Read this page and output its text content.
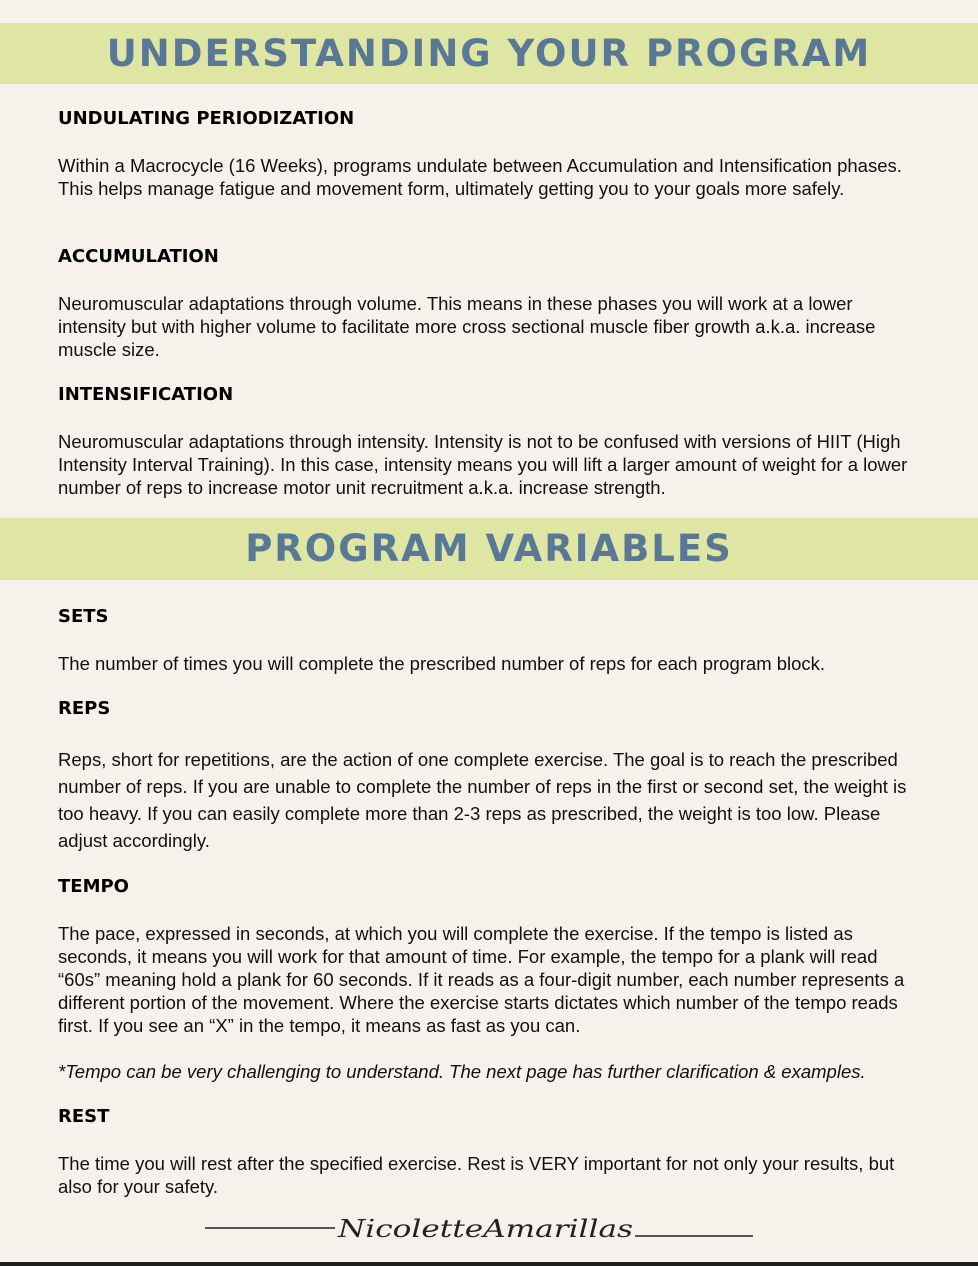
UNDERSTANDING YOUR PROGRAM
UNDULATING PERIODIZATION

Within a Macrocycle (16 Weeks), programs undulate between Accumulation and Intensification phases. This helps manage fatigue and movement form, ultimately getting you to your goals more safely.

ACCUMULATION

Neuromuscular adaptations through volume. This means in these phases you will work at a lower intensity but with higher volume to facilitate more cross sectional muscle fiber growth a.k.a. increase muscle size.

INTENSIFICATION

Neuromuscular adaptations through intensity. Intensity is not to be confused with versions of HIIT (High Intensity Interval Training). In this case, intensity means you will lift a larger amount of weight for a lower number of reps to increase motor unit recruitment a.k.a. increase strength.

PROGRAM VARIABLES
SETS

The number of times you will complete the prescribed number of reps for each program block.

REPS

Reps, short for repetitions, are the action of one complete exercise. The goal is to reach the prescribed number of reps. If you are unable to complete the number of reps in the first or second set, the weight is too heavy. If you can easily complete more than 2-3 reps as prescribed, the weight is too low. Please adjust accordingly.

TEMPO

The pace, expressed in seconds, at which you will complete the exercise. If the tempo is listed as seconds, it means you will work for that amount of time. For example, the tempo for a plank will read “60s” meaning hold a plank for 60 seconds. If it reads as a four-digit number, each number represents a different portion of the movement. Where the exercise starts dictates which number of the tempo reads first. If you see an “X” in the tempo, it means as fast as you can.

*Tempo can be very challenging to understand. The next page has further clarification & examples.

REST

The time you will rest after the specified exercise. Rest is VERY important for not only your results, but also for your safety.

NicoletteAmarillas
